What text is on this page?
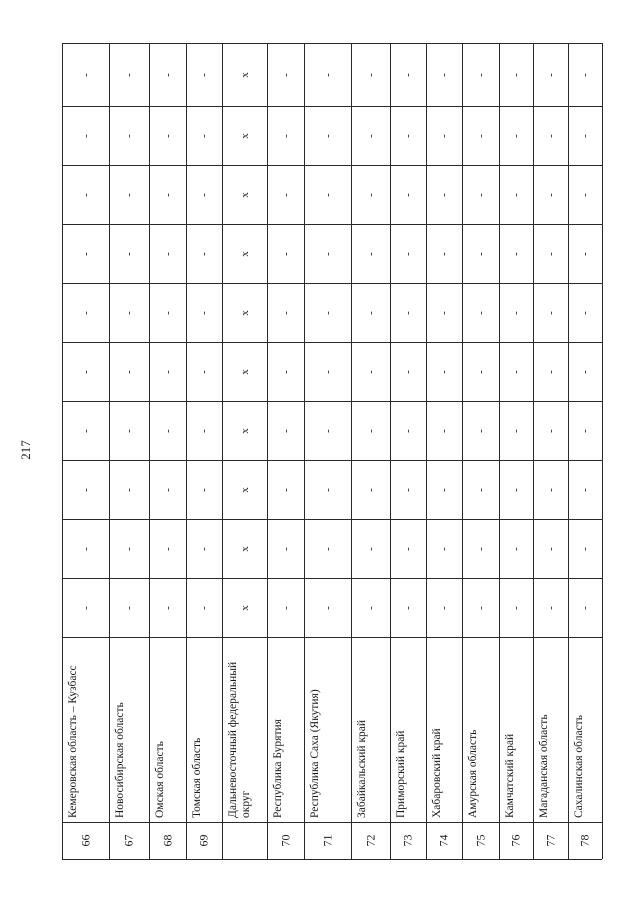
217
66
Кемеровская область – Кузбасс
-
-
-
-
-
-
-
-
-
-
67
Новосибирская область
-
-
-
-
-
-
-
-
-
-
68
Омская область
-
-
-
-
-
-
-
-
-
-
69
Томская область
-
-
-
-
-
-
-
-
-
-
Дальневосточный федеральный округ
x
x
x
x
x
x
x
x
x
x
70
Республика Бурятия
-
-
-
-
-
-
-
-
-
-
71
Республика Саха (Якутия)
-
-
-
-
-
-
-
-
-
-
72
Забайкальский край
-
-
-
-
-
-
-
-
-
-
73
Приморский край
-
-
-
-
-
-
-
-
-
-
74
Хабаровский край
-
-
-
-
-
-
-
-
-
-
75
Амурская область
-
-
-
-
-
-
-
-
-
-
76
Камчатский край
-
-
-
-
-
-
-
-
-
-
77
Магаданская область
-
-
-
-
-
-
-
-
-
-
78
Сахалинская область
-
-
-
-
-
-
-
-
-
-
